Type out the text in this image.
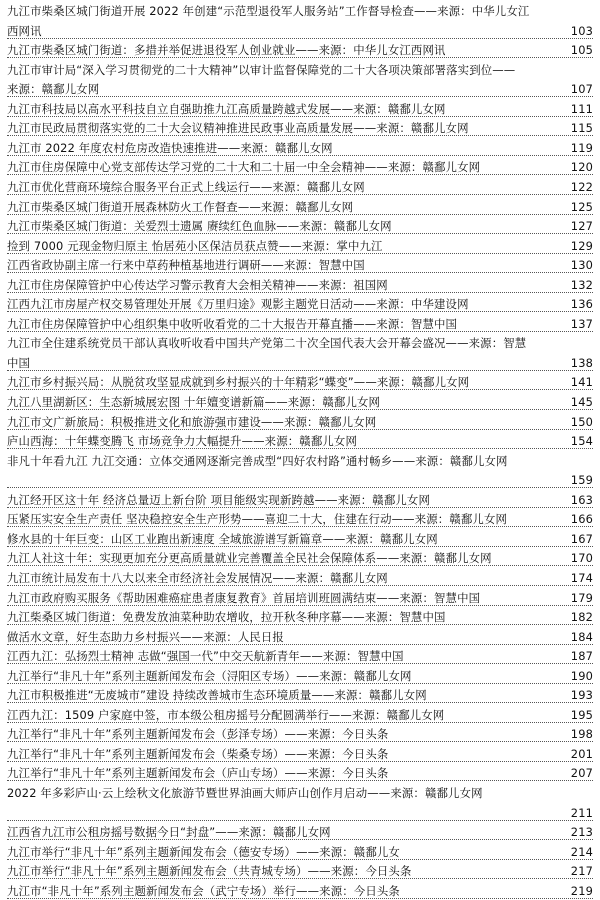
九江市柴桑区城门街道开展 2022 年创建“示范型退役军人服务站”工作督导检查——来源：中华儿女江
103
西网讯
105
九江市柴桑区城门街道：多措并举促进退役军人创业就业——来源：中华儿女江西网讯
九江市审计局“深入学习贯彻党的二十大精神”以审计监督保障党的二十大各项决策部署落实到位——
107
来源：赣鄱儿女网
111
九江市科技局以高水平科技自立自强助推九江高质量跨越式发展——来源：赣鄱儿女网
115
九江市民政局贯彻落实党的二十大会议精神推进民政事业高质量发展——来源：赣鄱儿女网
119
九江市 2022 年度农村危房改造快速推进——来源：赣鄱儿女网
120
九江市住房保障中心党支部传达学习党的二十大和二十届一中全会精神——来源：赣鄱儿女网
122
九江市优化营商环境综合服务平台正式上线运行——来源：赣鄱儿女网
125
九江市柴桑区城门街道开展森林防火工作督查——来源：赣鄱儿女网
127
九江市柴桑区城门街道：关爱烈士遗属 赓续红色血脉——来源：赣鄱儿女网
129
捡到 7000 元现金物归原主 怡居苑小区保洁员获点赞——来源：掌中九江
130
江西省政协副主席一行来中草药种植基地进行调研——来源：智慧中国
132
九江市住房保障管护中心传达学习警示教育大会相关精神——来源：祖国网
136
江西九江市房屋产权交易管理处开展《万里归途》观影主题党日活动——来源：中华建设网
137
九江市住房保障管护中心组织集中收听收看党的二十大报告开幕直播——来源：智慧中国
九江市全住建系统党员干部认真收听收看中国共产党第二十次全国代表大会开幕会盛况——来源：智慧
138
中国
141
九江市乡村振兴局：从脱贫攻坚显成就到乡村振兴的十年精彩“蝶变”——来源：赣鄱儿女网
145
九江八里湖新区：生态新城展宏图 十年嬗变谱新篇——来源：赣鄱儿女网
150
九江市文广新旅局：积极推进文化和旅游强市建设——来源：赣鄱儿女网
154
庐山西海：十年蝶变腾飞 市场竞争力大幅提升——来源：赣鄱儿女网
非凡十年看九江 九江交通：立体交通网逐渐完善成型“四好农村路”通村畅乡——来源：赣鄱儿女网
159
163
九江经开区这十年 经济总量迈上新台阶 项目能级实现新跨越——来源：赣鄱儿女网
166
压紧压实安全生产责任 坚决稳控安全生产形势——喜迎二十大，住建在行动——来源：赣鄱儿女网
167
修水县的十年巨变：山区工业跑出新速度 全域旅游谱写新篇章——来源：赣鄱儿女网
170
九江人社这十年：实现更加充分更高质量就业完善覆盖全民社会保障体系——来源：赣鄱儿女网
174
九江市统计局发布十八大以来全市经济社会发展情况——来源：赣鄱儿女网
179
九江市政府购买服务《帮助困难癌症患者康复教育》首届培训班圆满结束——来源：智慧中国
182
九江柴桑区城门街道：免费发放油菜种助农增收，拉开秋冬种序幕——来源：智慧中国
184
做活水文章，好生态助力乡村振兴——来源：人民日报
187
江西九江：弘扬烈士精神 志做“强国一代”中交天航新青年——来源：智慧中国
190
九江举行“非凡十年”系列主题新闻发布会（浔阳区专场）——来源：赣鄱儿女网
193
九江市积极推进“无废城市”建设 持续改善城市生态环境质量——来源：赣鄱儿女网
195
江西九江：1509 户家庭中签，市本级公租房摇号分配圆满举行——来源：赣鄱儿女网
198
九江举行“非凡十年”系列主题新闻发布会（彭泽专场）——来源：今日头条
201
九江举行“非凡十年”系列主题新闻发布会（柴桑专场）——来源：今日头条
207
九江举行“非凡十年”系列主题新闻发布会（庐山专场）——来源：今日头条
2022 年多彩庐山·云上绘秋文化旅游节暨世界油画大师庐山创作月启动——来源：赣鄱儿女网
211
213
江西省九江市公租房摇号数据今日“封盘”——来源：赣鄱儿女网
214
九江市举行“非凡十年”系列主题新闻发布会（德安专场）——来源：赣鄱儿女
217
九江市举行“非凡十年”系列主题新闻发布会（共青城专场）——来源：今日头条
219
九江市“非凡十年”系列主题新闻发布会（武宁专场）举行——来源：今日头条
